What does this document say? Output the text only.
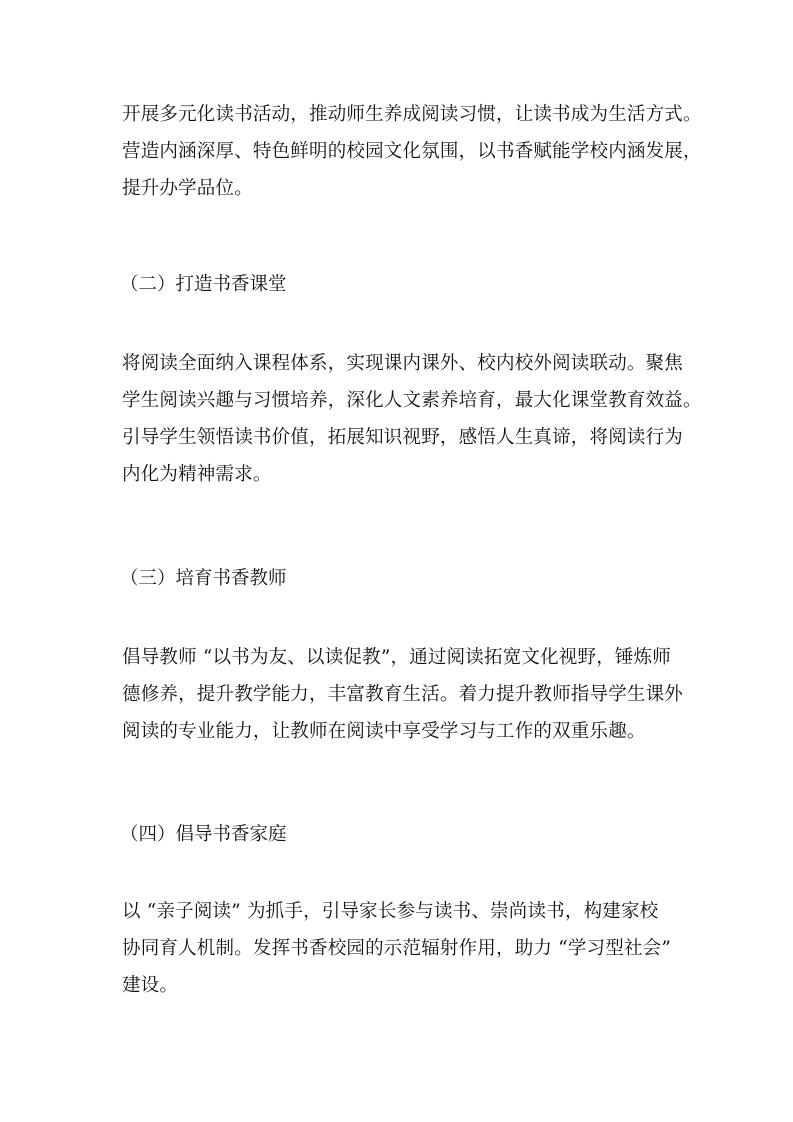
开展多元化读书活动，推动师生养成阅读习惯，让读书成为生活方式。
营造内涵深厚、特色鲜明的校园文化氛围，以书香赋能学校内涵发展，
提升办学品位。

（二）打造书香课堂

将阅读全面纳入课程体系，实现课内课外、校内校外阅读联动。聚焦
学生阅读兴趣与习惯培养，深化人文素养培育，最大化课堂教育效益。
引导学生领悟读书价值，拓展知识视野，感悟人生真谛，将阅读行为
内化为精神需求。

（三）培育书香教师

倡导教师 “以书为友、以读促教”，通过阅读拓宽文化视野，锤炼师
德修养，提升教学能力，丰富教育生活。着力提升教师指导学生课外
阅读的专业能力，让教师在阅读中享受学习与工作的双重乐趣。

（四）倡导书香家庭

以 “亲子阅读” 为抓手，引导家长参与读书、崇尚读书，构建家校
协同育人机制。发挥书香校园的示范辐射作用，助力 “学习型社会”
建设。
